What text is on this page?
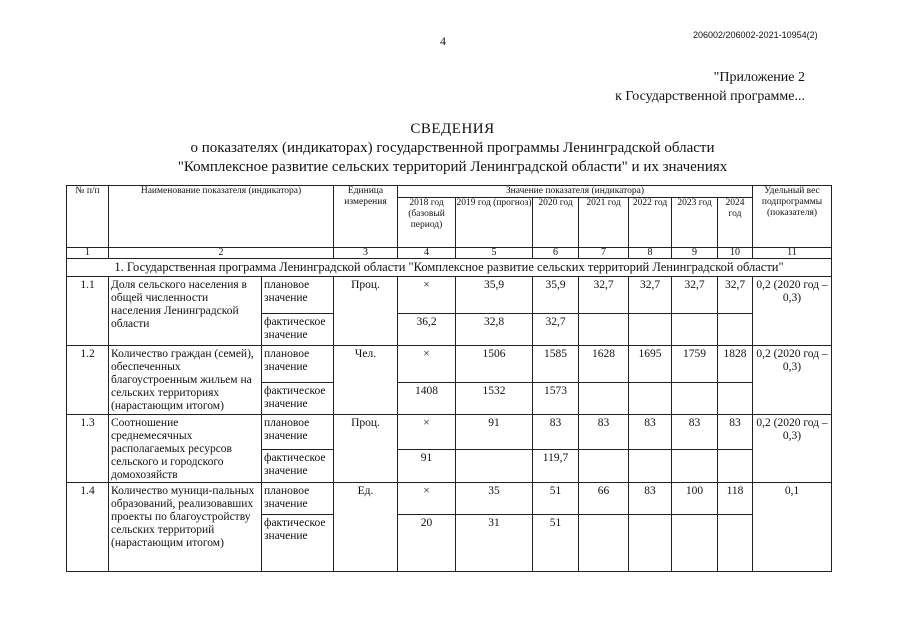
4	206002/206002-2021-10954(2)
"Приложение 2
к Государственной программе...
СВЕДЕНИЯ
о показателях (индикаторах) государственной программы Ленинградской области
"Комплексное развитие сельских территорий Ленинградской области" и их значениях
№ п/п	Наименование показателя (индикатора)		Единица измерения	Значение показателя (индикатора)							Удельный вес подпрограммы (показателя)
				2018 год (базовый период)	2019 год (прогноз)	2020 год	2021 год	2022 год	2023 год	2024 год	
1	2		3	4	5	6	7	8	9	10	11
1. Государственная программа Ленинградской области "Комплексное развитие сельских территорий Ленинградской области"											
1.1	Доля сельского населения в общей численности населения Ленинградской области	плановое значение	Проц.	×	35,9	35,9	32,7	32,7	32,7	32,7	0,2 (2020 год – 0,3)
		фактическое значение		36,2	32,8	32,7					
1.2	Количество граждан (семей), обеспеченных благоустроенным жильем на сельских территориях (нарастающим итогом)	плановое значение	Чел.	×	1506	1585	1628	1695	1759	1828	0,2 (2020 год – 0,3)
		фактическое значение		1408	1532	1573					
1.3	Соотношение среднемесячных располагаемых ресурсов сельского и городского домохозяйств	плановое значение	Проц.	×	91	83	83	83	83	83	0,2 (2020 год – 0,3)
		фактическое значение		91		119,7					
1.4	Количество муници-пальных образований, реализовавших проекты по благоустройству сельских территорий (нарастающим итогом)	плановое значение	Ед.	×	35	51	66	83	100	118	0,1
		фактическое значение		20	31	51					
